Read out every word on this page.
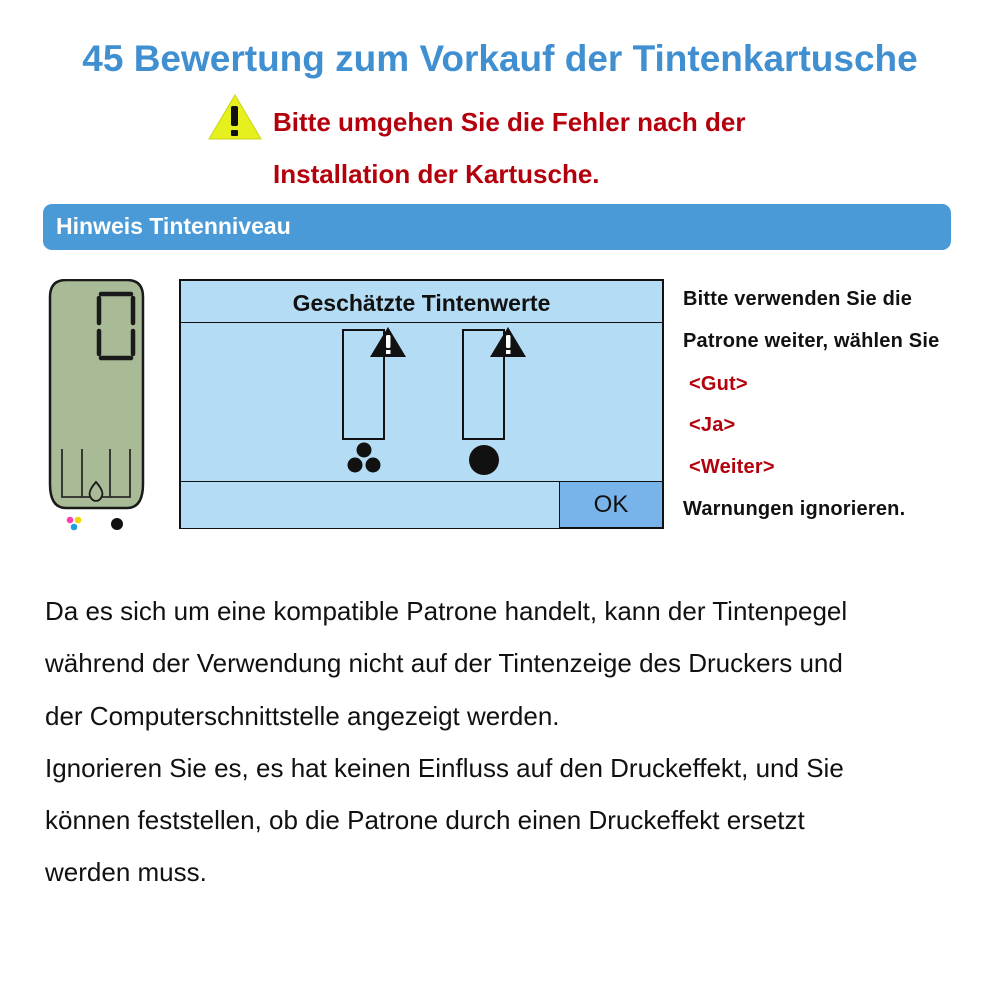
45 Bewertung zum Vorkauf der Tintenkartusche
Bitte umgehen Sie die Fehler nach der
Installation der Kartusche.
Hinweis Tintenniveau
0
Geschätzte Tintenwerte
OK
Bitte verwenden Sie die
Patrone weiter, wählen Sie
<Gut>
<Ja>
<Weiter>
Warnungen ignorieren.
Da es sich um eine kompatible Patrone handelt, kann der Tintenpegel
während der Verwendung nicht auf der Tintenzeige des Druckers und
der Computerschnittstelle angezeigt werden.
Ignorieren Sie es, es hat keinen Einfluss auf den Druckeffekt, und Sie
können feststellen, ob die Patrone durch einen Druckeffekt ersetzt
werden muss.
